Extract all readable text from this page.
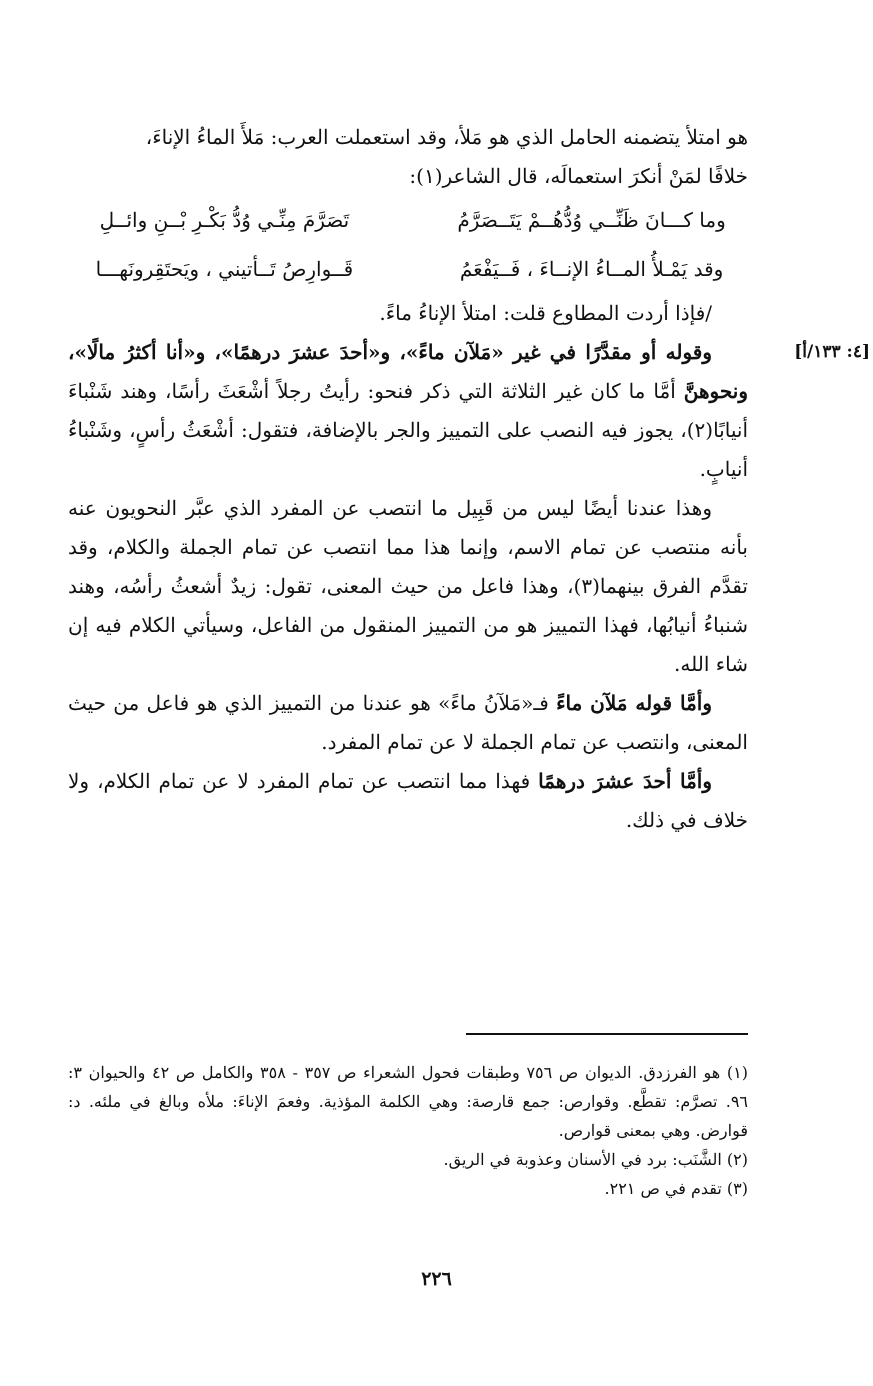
[٤: ١٣٣/أ]

هو امتلأ يتضمنه الحامل الذي هو مَلأ، وقد استعملت العرب: مَلأَ الماءُ الإناءَ،

خلافًا لمَنْ أنكرَ استعمالَه، قال الشاعر(١):

وما كـــانَ ظَنِّــي وُدُّهُــمْ يَتَــصَرَّمُ
تَصَرَّمَ مِنِّـي وُدُّ بَكْـرِ بْــنِ وائــلِ
وقد يَمْـلأُ المــاءُ الإنــاءَ ، فَــيَفْعَمُ
قَــوارِصُ تَــأتيني ، ويَحتَقِرونَهـــا

/فإذا أردت المطاوع قلت: امتلأ الإناءُ ماءً.

وقوله أو مقدَّرًا في غير «مَلآن ماءً»، و«أحدَ عشرَ درهمًا»، و«أنا أكثرُ مالًا»، ونحوهنَّ أمَّا ما كان غير الثلاثة التي ذكر فنحو: رأيتُ رجلاً أشْعَثَ رأسًا، وهند شَنْباءَ أنيابًا(٢)، يجوز فيه النصب على التمييز والجر بالإضافة، فتقول: أشْعَثُ رأسٍ، وشَنْباءُ أنيابٍ.

وهذا عندنا أيضًا ليس من قَبِيل ما انتصب عن المفرد الذي عبَّر النحويون عنه بأنه منتصب عن تمام الاسم، وإنما هذا مما انتصب عن تمام الجملة والكلام، وقد تقدَّم الفرق بينهما(٣)، وهذا فاعل من حيث المعنى، تقول: زيدٌ أشعثُ رأسُه، وهند شنباءُ أنيابُها، فهذا التمييز هو من التمييز المنقول من الفاعل، وسيأتي الكلام فيه إن شاء الله.

وأمَّا قوله مَلآن ماءً فـ«مَلآنُ ماءً» هو عندنا من التمييز الذي هو فاعل من حيث المعنى، وانتصب عن تمام الجملة لا عن تمام المفرد.

وأمَّا أحدَ عشرَ درهمًا فهذا مما انتصب عن تمام المفرد لا عن تمام الكلام، ولا خلاف في ذلك.

(١) هو الفرزدق. الديوان ص ٧٥٦ وطبقات فحول الشعراء ص ٣٥٧ - ٣٥٨ والكامل ص ٤٢ والحيوان ٣: ٩٦. تصرَّم: تقطَّع. وقوارص: جمع قارصة: وهي الكلمة المؤذية. وفعمَ الإناءَ: ملأه وبالغ في ملئه. د: قوارض. وهي بمعنى قوارص.

(٢) الشَّنَب: برد في الأسنان وعذوبة في الريق.

(٣) تقدم في ص ٢٢١.

٢٢٦
